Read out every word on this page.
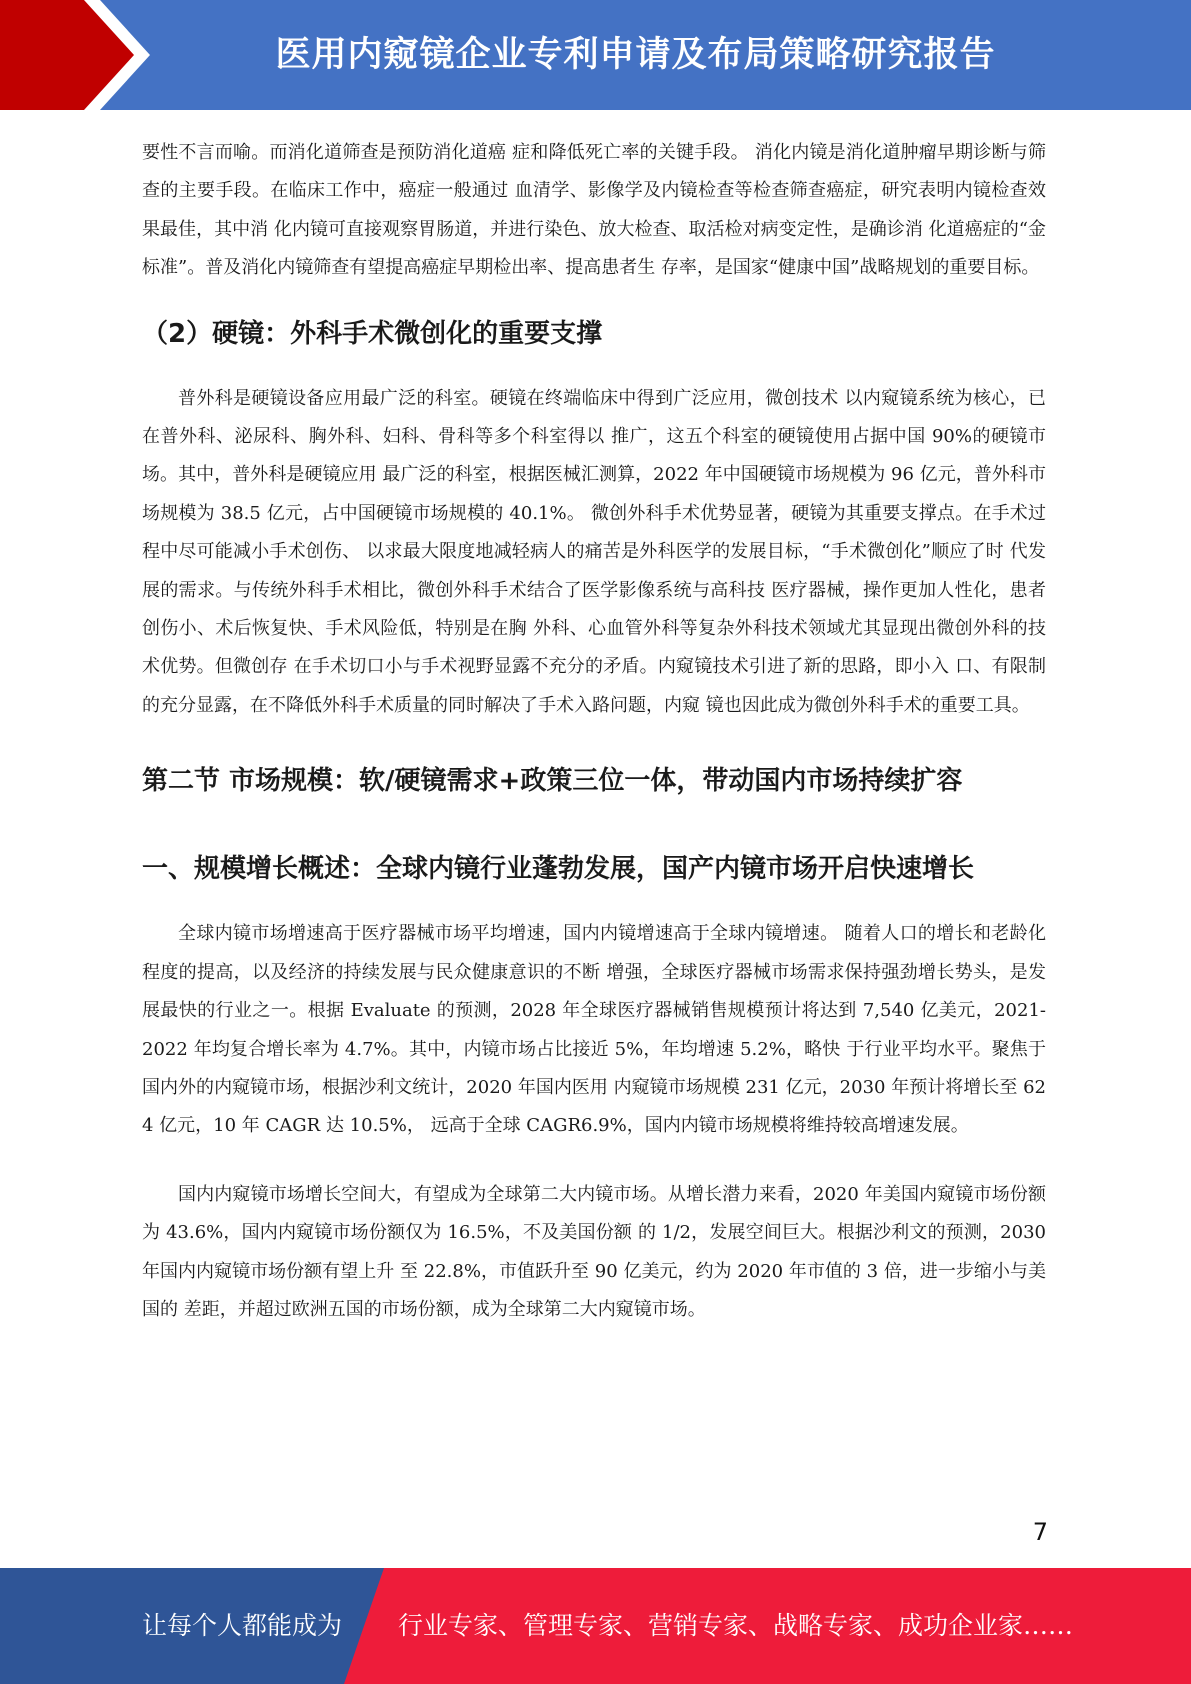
医用内窥镜企业专利申请及布局策略研究报告

要性不言而喻。而消化道筛查是预防消化道癌 症和降低死亡率的关键手段。 消化内镜是消化道肿瘤早期诊断与筛查的主要手段。在临床工作中，癌症一般通过 血清学、影像学及内镜检查等检查筛查癌症，研究表明内镜检查效果最佳，其中消 化内镜可直接观察胃肠道，并进行染色、放大检查、取活检对病变定性，是确诊消 化道癌症的“金标准”。普及消化内镜筛查有望提高癌症早期检出率、提高患者生 存率，是国家“健康中国”战略规划的重要目标。

（2）硬镜：外科手术微创化的重要支撑

普外科是硬镜设备应用最广泛的科室。硬镜在终端临床中得到广泛应用，微创技术 以内窥镜系统为核心，已在普外科、泌尿科、胸外科、妇科、骨科等多个科室得以 推广，这五个科室的硬镜使用占据中国 90%的硬镜市场。其中，普外科是硬镜应用 最广泛的科室，根据医械汇测算，2022 年中国硬镜市场规模为 96 亿元，普外科市 场规模为 38.5 亿元，占中国硬镜市场规模的 40.1%。 微创外科手术优势显著，硬镜为其重要支撑点。在手术过程中尽可能减小手术创伤、 以求最大限度地减轻病人的痛苦是外科医学的发展目标，“手术微创化”顺应了时 代发展的需求。与传统外科手术相比，微创外科手术结合了医学影像系统与高科技 医疗器械，操作更加人性化，患者创伤小、术后恢复快、手术风险低，特别是在胸 外科、心血管外科等复杂外科技术领域尤其显现出微创外科的技术优势。但微创存 在手术切口小与手术视野显露不充分的矛盾。内窥镜技术引进了新的思路，即小入 口、有限制的充分显露，在不降低外科手术质量的同时解决了手术入路问题，内窥 镜也因此成为微创外科手术的重要工具。

第二节 市场规模：软/硬镜需求+政策三位一体，带动国内市场持续扩容
一、规模增长概述：全球内镜行业蓬勃发展，国产内镜市场开启快速增长

全球内镜市场增速高于医疗器械市场平均增速，国内内镜增速高于全球内镜增速。 随着人口的增长和老龄化程度的提高，以及经济的持续发展与民众健康意识的不断 增强，全球医疗器械市场需求保持强劲增长势头，是发展最快的行业之一。根据 Evaluate 的预测，2028 年全球医疗器械销售规模预计将达到 7,540 亿美元，2021- 2022 年均复合增长率为 4.7%。其中，内镜市场占比接近 5%，年均增速 5.2%，略快 于行业平均水平。聚焦于国内外的内窥镜市场，根据沙利文统计，2020 年国内医用 内窥镜市场规模 231 亿元，2030 年预计将增长至 624 亿元，10 年 CAGR 达 10.5%， 远高于全球 CAGR6.9%，国内内镜市场规模将维持较高增速发展。

国内内窥镜市场增长空间大，有望成为全球第二大内镜市场。从增长潜力来看，2020 年美国内窥镜市场份额为 43.6%，国内内窥镜市场份额仅为 16.5%，不及美国份额 的 1/2，发展空间巨大。根据沙利文的预测，2030 年国内内窥镜市场份额有望上升 至 22.8%，市值跃升至 90 亿美元，约为 2020 年市值的 3 倍，进一步缩小与美国的 差距，并超过欧洲五国的市场份额，成为全球第二大内窥镜市场。

7
让每个人都能成为 行业专家、管理专家、营销专家、战略专家、成功企业家……
